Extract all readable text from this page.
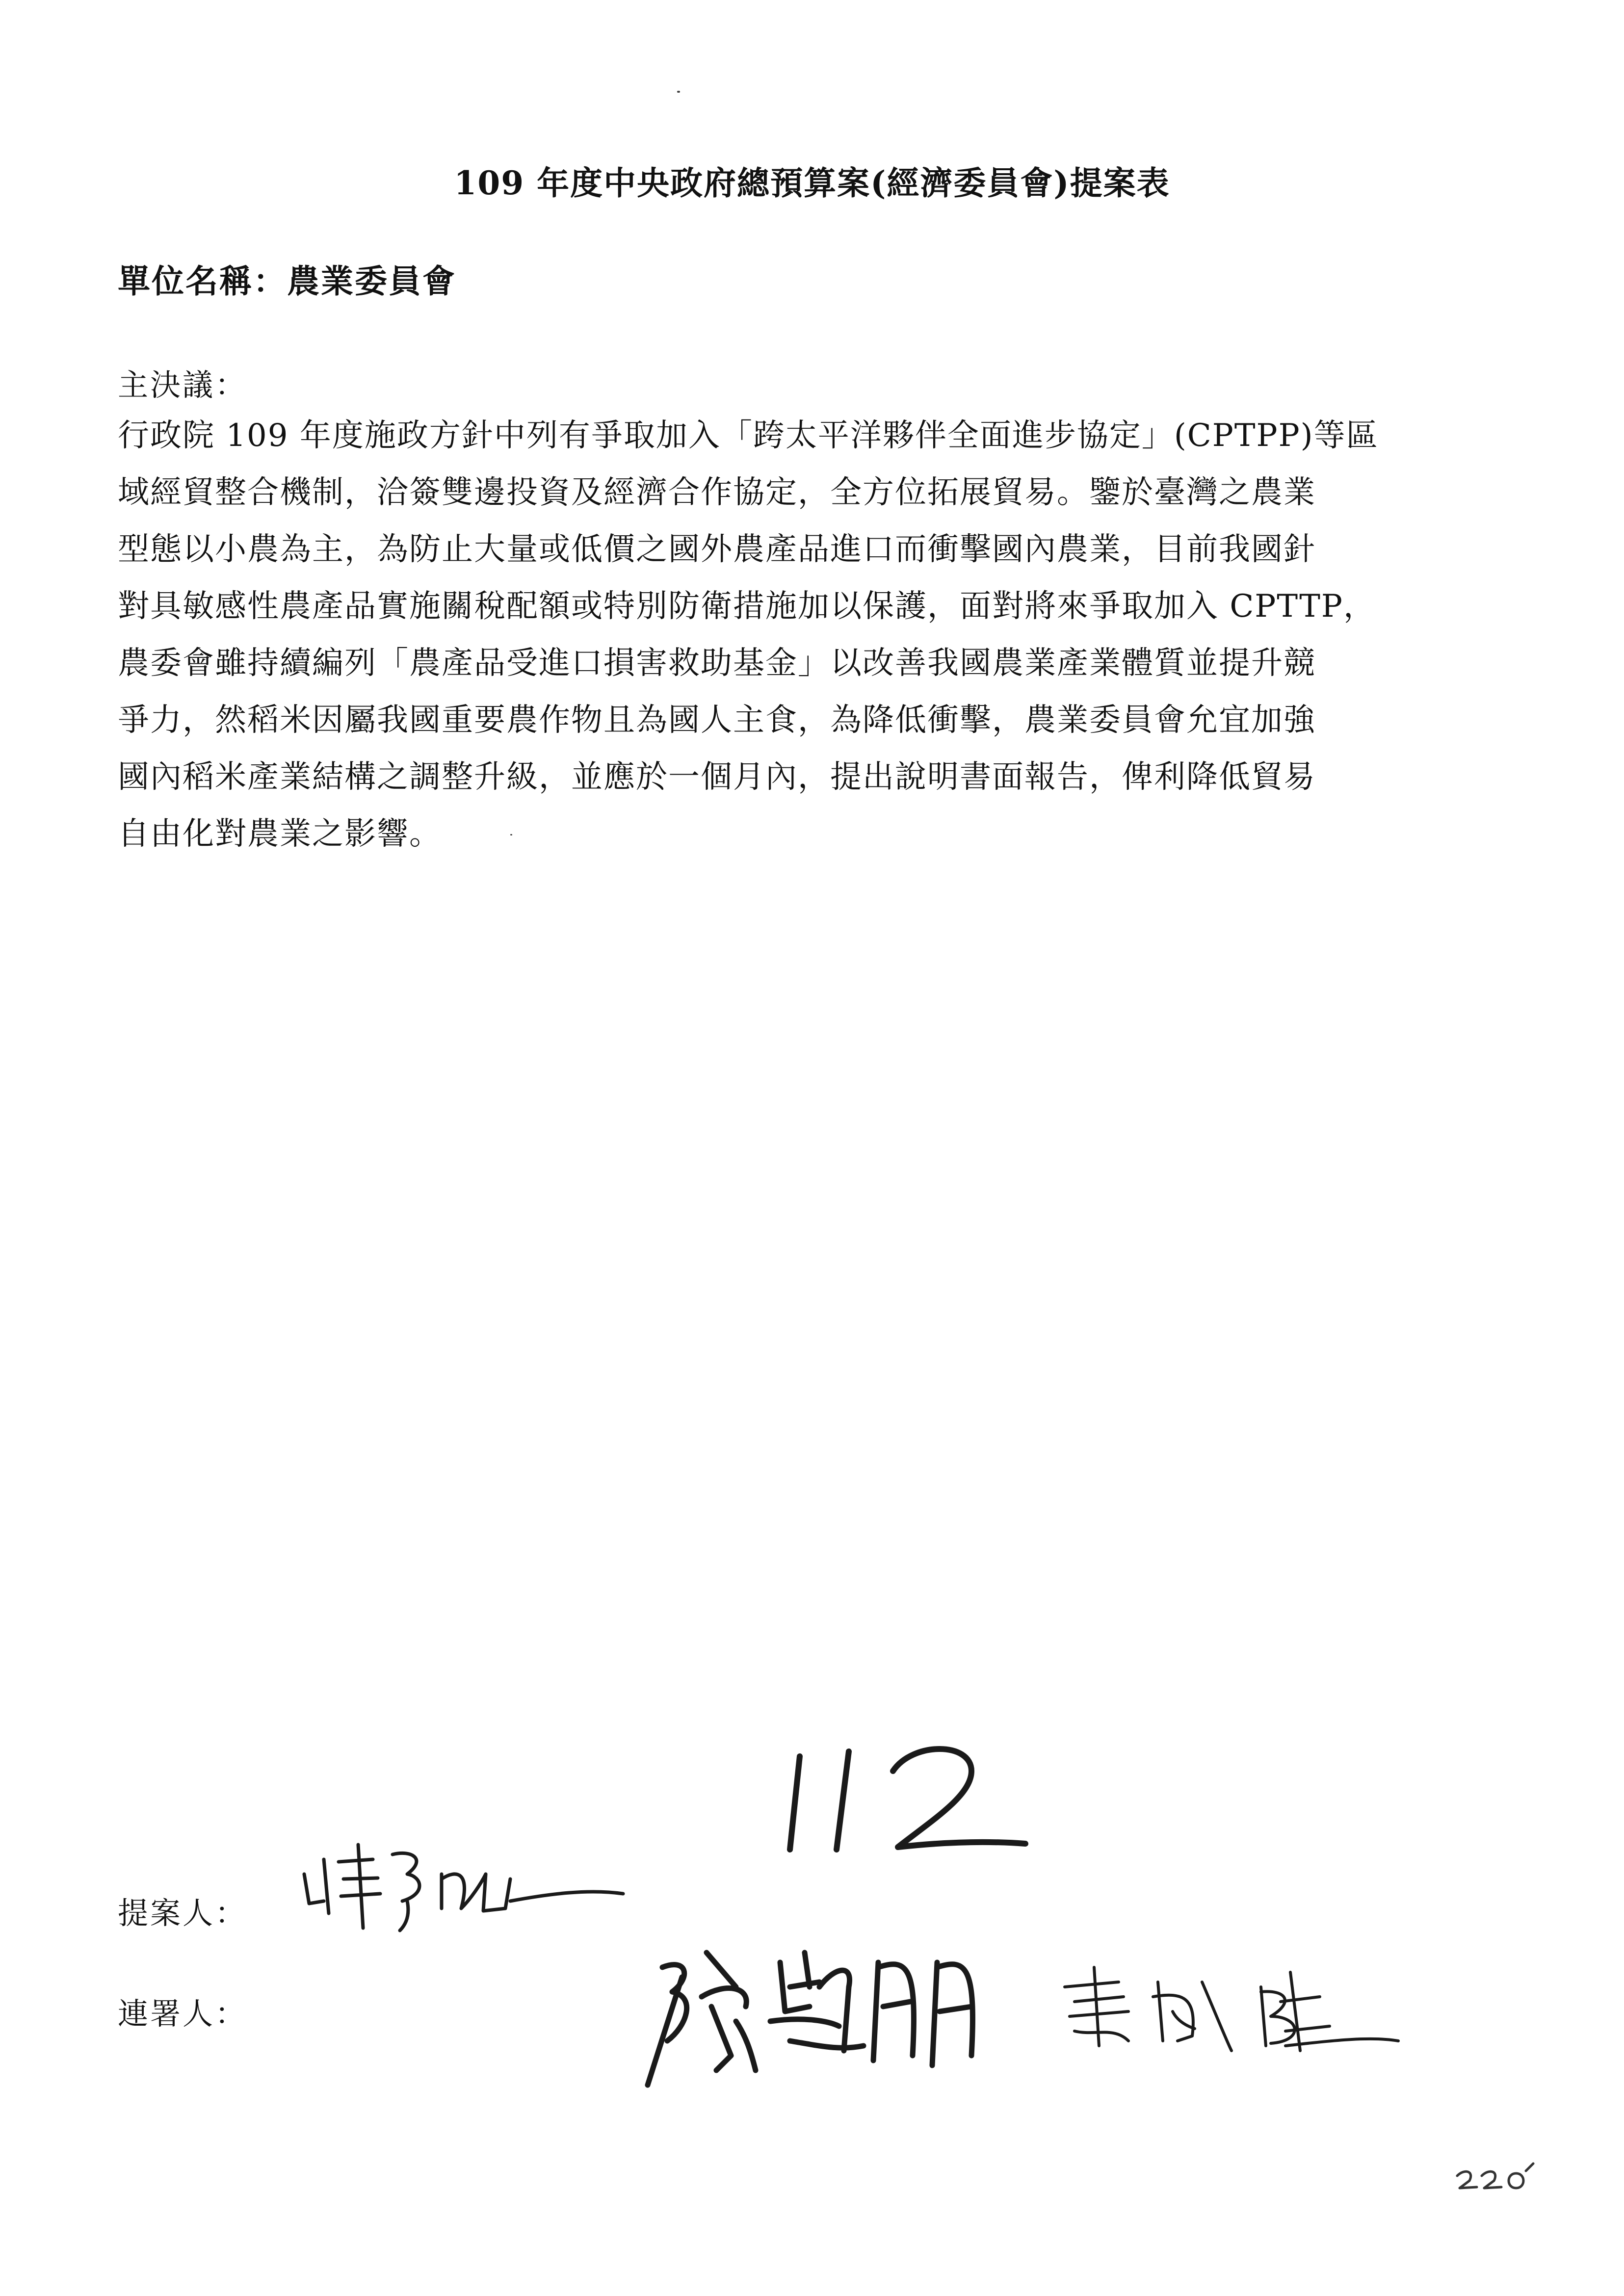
109 年度中央政府總預算案(經濟委員會)提案表
單位名稱：農業委員會
主決議：
行政院 109 年度施政方針中列有爭取加入「跨太平洋夥伴全面進步協定」(CPTPP)等區
域經貿整合機制，洽簽雙邊投資及經濟合作協定，全方位拓展貿易。鑒於臺灣之農業
型態以小農為主，為防止大量或低價之國外農產品進口而衝擊國內農業，目前我國針
對具敏感性農產品實施關稅配額或特別防衛措施加以保護，面對將來爭取加入 CPTTP，
農委會雖持續編列「農產品受進口損害救助基金」以改善我國農業產業體質並提升競
爭力，然稻米因屬我國重要農作物且為國人主食，為降低衝擊，農業委員會允宜加強
國內稻米產業結構之調整升級，並應於一個月內，提出說明書面報告，俾利降低貿易
自由化對農業之影響。
提案人：
連署人：
